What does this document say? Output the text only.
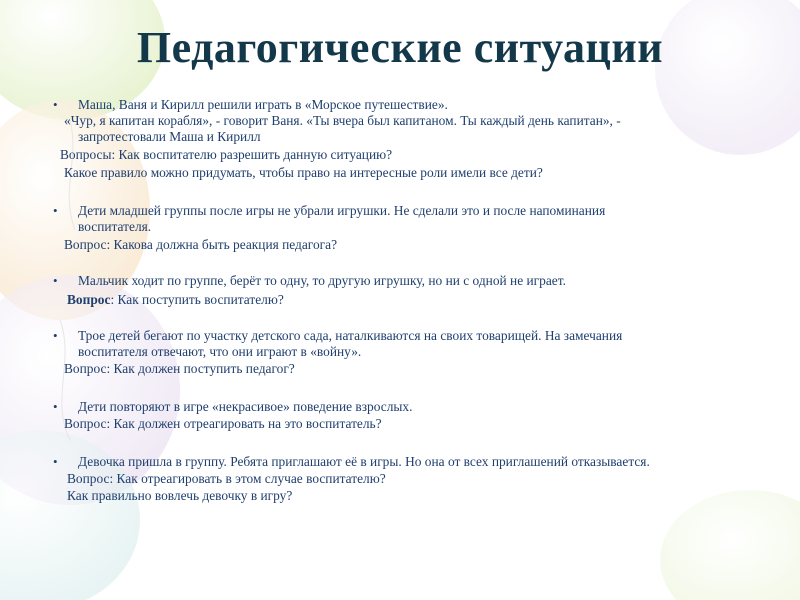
Педагогические ситуации
• Маша, Ваня и Кирилл решили играть в «Морское путешествие».
«Чур, я капитан корабля», - говорит Ваня. «Ты вчера был капитаном. Ты каждый день капитан», -
запротестовали Маша и Кирилл
Вопросы: Как воспитателю разрешить данную ситуацию?
Какое правило можно придумать, чтобы право на интересные роли имели все дети?
• Дети младшей группы после игры не убрали игрушки. Не сделали это и после напоминания
воспитателя.
Вопрос: Какова должна быть реакция педагога?
• Мальчик ходит по группе, берёт то одну, то другую игрушку, но ни с одной не играет.
Вопрос: Как поступить воспитателю?
• Трое детей бегают по участку детского сада, наталкиваются на своих товарищей. На замечания
воспитателя отвечают, что они играют в «войну».
Вопрос: Как должен поступить педагог?
• Дети повторяют в игре «некрасивое» поведение взрослых.
Вопрос: Как должен отреагировать на это воспитатель?
• Девочка пришла в группу. Ребята приглашают её в игры. Но она от всех приглашений отказывается.
Вопрос: Как отреагировать в этом случае воспитателю?
Как правильно вовлечь девочку в игру?
